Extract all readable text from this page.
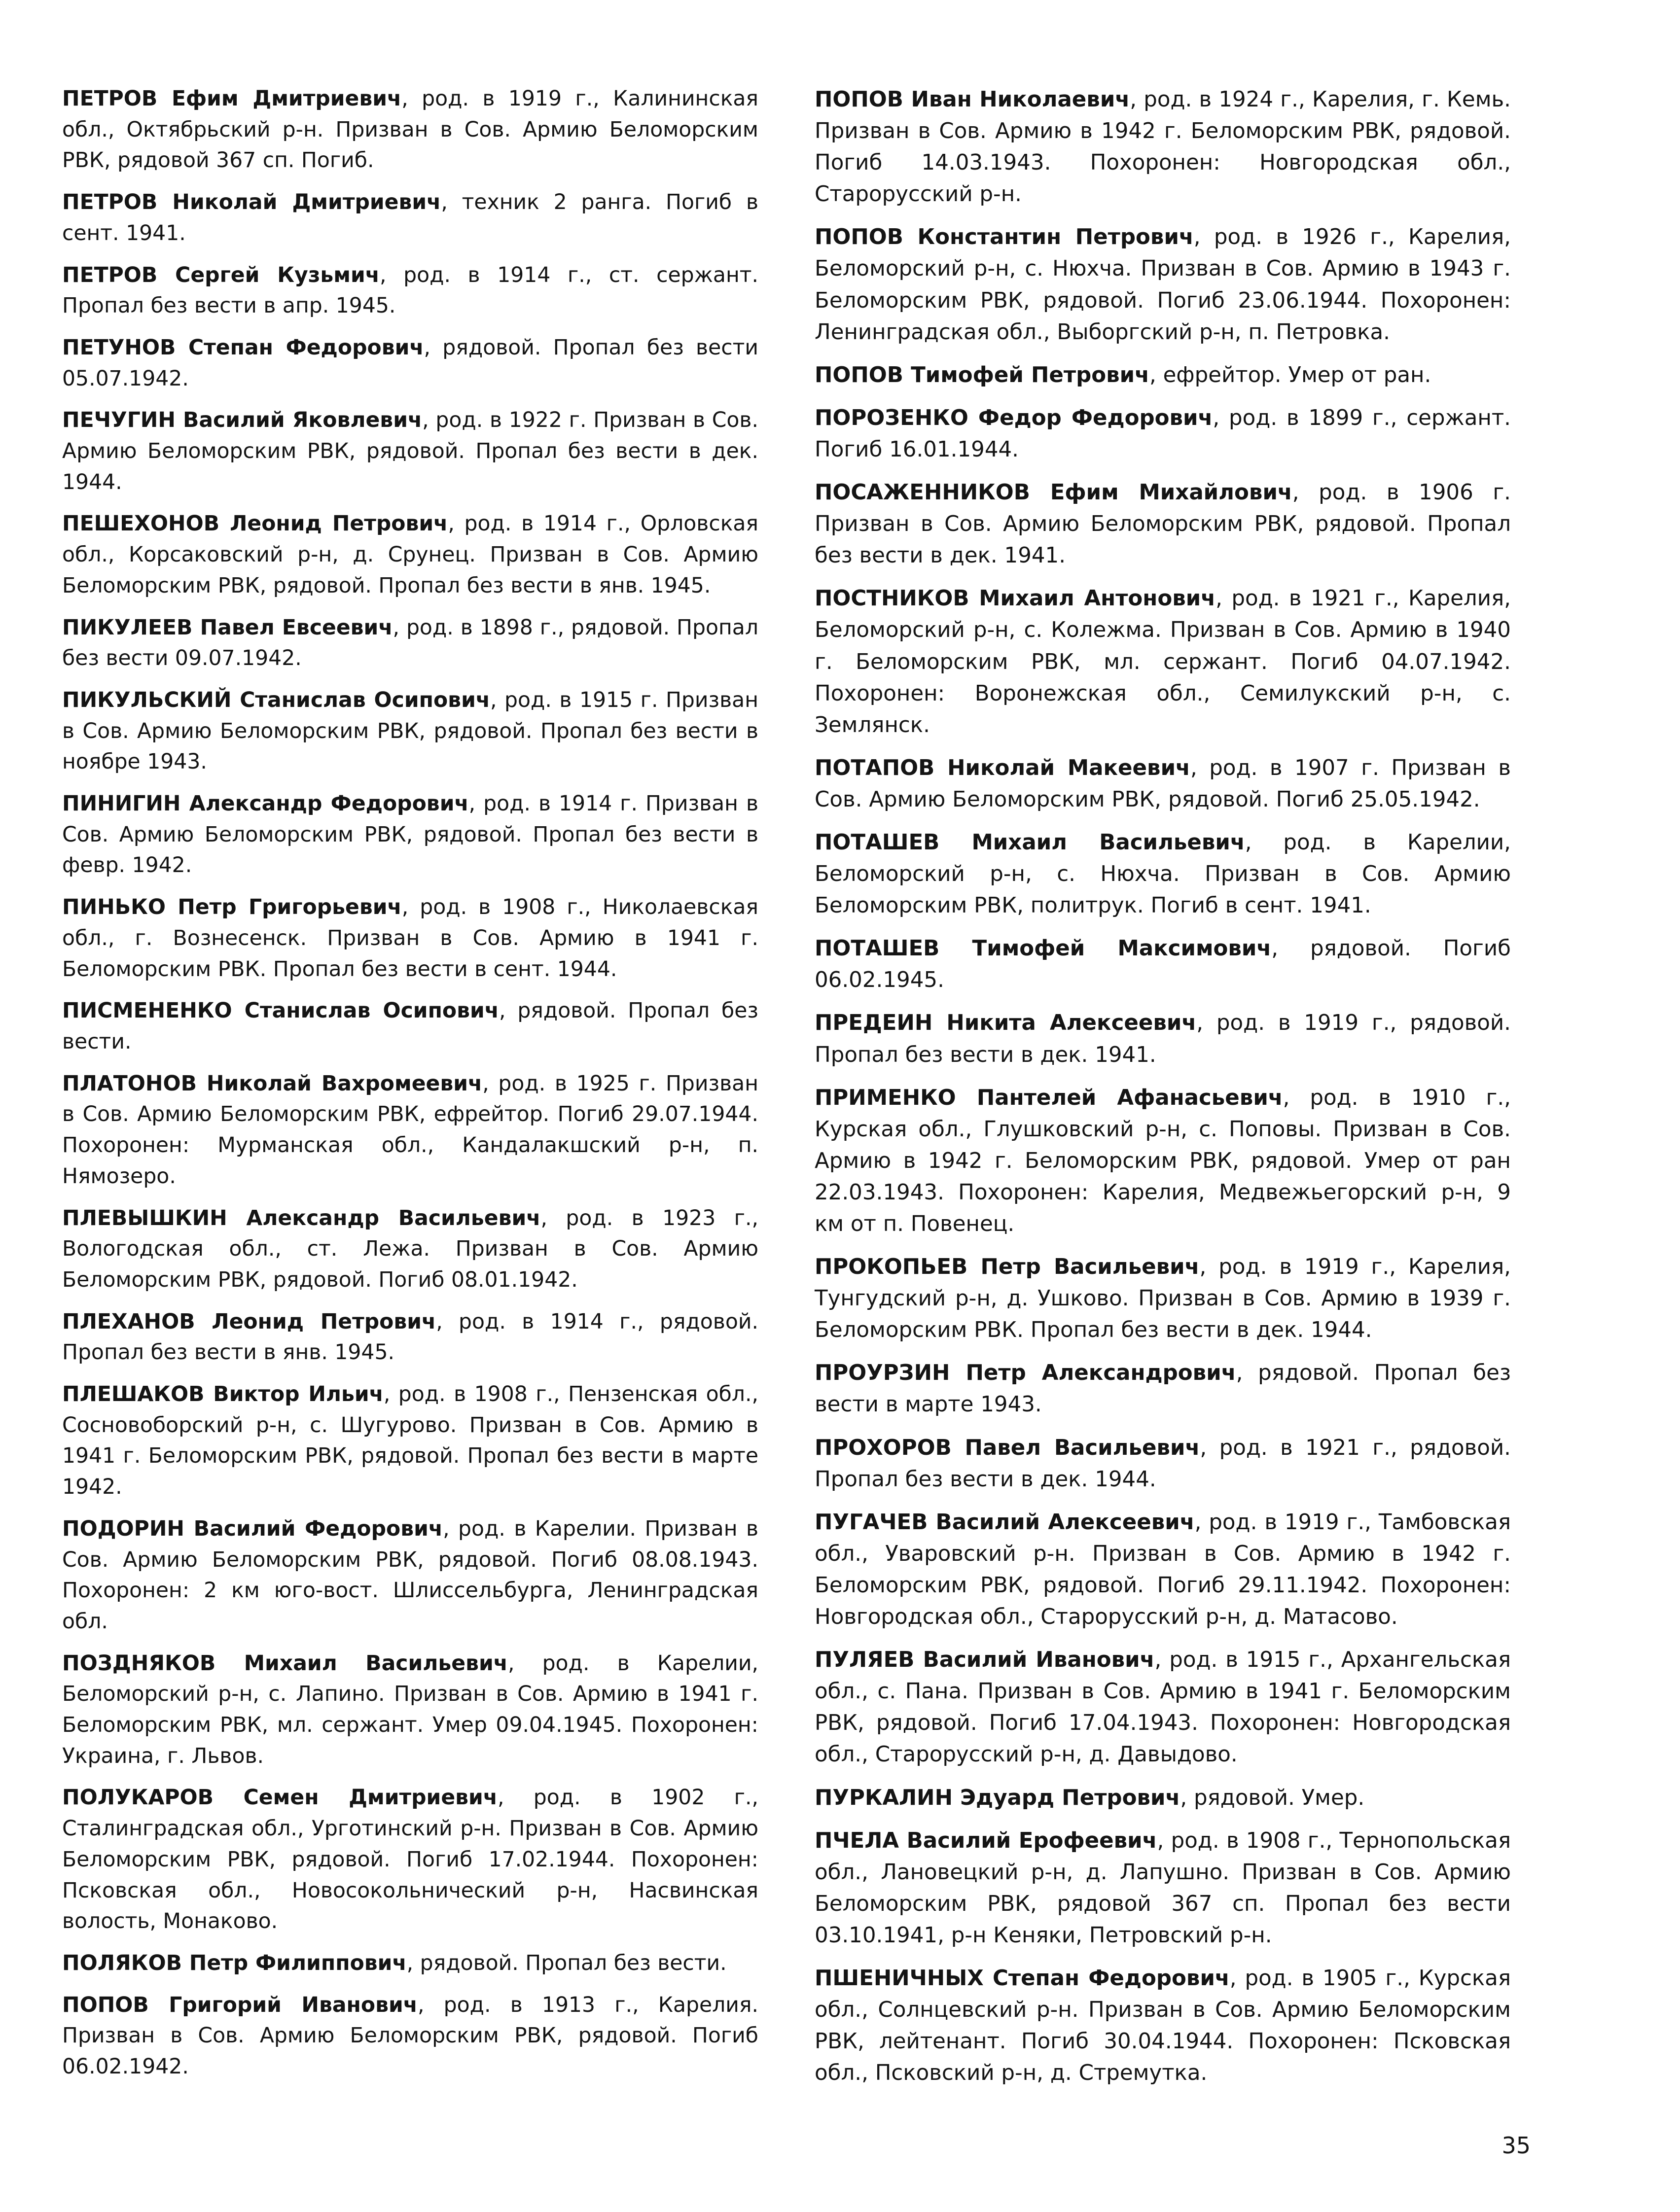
ПЕТРОВ Ефим Дмитриевич, род. в 1919 г., Калининская обл., Октябрьский р-н. Призван в Сов. Армию Беломорским РВК, рядовой 367 сп. Погиб.

ПЕТРОВ Николай Дмитриевич, техник 2 ранга. Погиб в сент. 1941.

ПЕТРОВ Сергей Кузьмич, род. в 1914 г., ст. сержант. Пропал без вести в апр. 1945.

ПЕТУНОВ Степан Федорович, рядовой. Пропал без вести 05.07.1942.

ПЕЧУГИН Василий Яковлевич, род. в 1922 г. Призван в Сов. Армию Беломорским РВК, рядовой. Пропал без вести в дек. 1944.

ПЕШЕХОНОВ Леонид Петрович, род. в 1914 г., Орловская обл., Корсаковский р-н, д. Срунец. Призван в Сов. Армию Беломорским РВК, рядовой. Пропал без вести в янв. 1945.

ПИКУЛЕЕВ Павел Евсеевич, род. в 1898 г., рядовой. Пропал без вести 09.07.1942.

ПИКУЛЬСКИЙ Станислав Осипович, род. в 1915 г. Призван в Сов. Армию Беломорским РВК, рядовой. Пропал без вести в ноябре 1943.

ПИНИГИН Александр Федорович, род. в 1914 г. Призван в Сов. Армию Беломорским РВК, рядовой. Пропал без вести в февр. 1942.

ПИНЬКО Петр Григорьевич, род. в 1908 г., Николаевская обл., г. Вознесенск. Призван в Сов. Армию в 1941 г. Беломорским РВК. Пропал без вести в сент. 1944.

ПИСМЕНЕНКО Станислав Осипович, рядовой. Пропал без вести.

ПЛАТОНОВ Николай Вахромеевич, род. в 1925 г. Призван в Сов. Армию Беломорским РВК, ефрейтор. Погиб 29.07.1944. Похоронен: Мурманская обл., Кандалакшский р-н, п. Нямозеро.

ПЛЕВЫШКИН Александр Васильевич, род. в 1923 г., Вологодская обл., ст. Лежа. Призван в Сов. Армию Беломорским РВК, рядовой. Погиб 08.01.1942.

ПЛЕХАНОВ Леонид Петрович, род. в 1914 г., рядовой. Пропал без вести в янв. 1945.

ПЛЕШАКОВ Виктор Ильич, род. в 1908 г., Пензенская обл., Сосновоборский р-н, с. Шугурово. Призван в Сов. Армию в 1941 г. Беломорским РВК, рядовой. Пропал без вести в марте 1942.

ПОДОРИН Василий Федорович, род. в Карелии. Призван в Сов. Армию Беломорским РВК, рядовой. Погиб 08.08.1943. Похоронен: 2 км юго-вост. Шлиссельбурга, Ленинградская обл.

ПОЗДНЯКОВ Михаил Васильевич, род. в Карелии, Беломорский р-н, с. Лапино. Призван в Сов. Армию в 1941 г. Беломорским РВК, мл. сержант. Умер 09.04.1945. Похоронен: Украина, г. Львов.

ПОЛУКАРОВ Семен Дмитриевич, род. в 1902 г., Сталинградская обл., Урготинский р-н. Призван в Сов. Армию Беломорским РВК, рядовой. Погиб 17.02.1944. Похоронен: Псковская обл., Новосокольнический р-н, Насвинская волость, Монаково.

ПОЛЯКОВ Петр Филиппович, рядовой. Пропал без вести.

ПОПОВ Григорий Иванович, род. в 1913 г., Карелия. Призван в Сов. Армию Беломорским РВК, рядовой. Погиб 06.02.1942.

ПОПОВ Иван Николаевич, род. в 1924 г., Карелия, г. Кемь. Призван в Сов. Армию в 1942 г. Беломорским РВК, рядовой. Погиб 14.03.1943. Похоронен: Новгородская обл., Старорусский р-н.

ПОПОВ Константин Петрович, род. в 1926 г., Карелия, Беломорский р-н, с. Нюхча. Призван в Сов. Армию в 1943 г. Беломорским РВК, рядовой. Погиб 23.06.1944. Похоронен: Ленинградская обл., Выборгский р-н, п. Петровка.

ПОПОВ Тимофей Петрович, ефрейтор. Умер от ран.

ПОРОЗЕНКО Федор Федорович, род. в 1899 г., сержант. Погиб 16.01.1944.

ПОСАЖЕННИКОВ Ефим Михайлович, род. в 1906 г. Призван в Сов. Армию Беломорским РВК, рядовой. Пропал без вести в дек. 1941.

ПОСТНИКОВ Михаил Антонович, род. в 1921 г., Карелия, Беломорский р-н, с. Колежма. Призван в Сов. Армию в 1940 г. Беломорским РВК, мл. сержант. Погиб 04.07.1942. Похоронен: Воронежская обл., Семилукский р-н, с. Землянск.

ПОТАПОВ Николай Макеевич, род. в 1907 г. Призван в Сов. Армию Беломорским РВК, рядовой. Погиб 25.05.1942.

ПОТАШЕВ Михаил Васильевич, род. в Карелии, Беломорский р-н, с. Нюхча. Призван в Сов. Армию Беломорским РВК, политрук. Погиб в сент. 1941.

ПОТАШЕВ Тимофей Максимович, рядовой. Погиб 06.02.1945.

ПРЕДЕИН Никита Алексеевич, род. в 1919 г., рядовой. Пропал без вести в дек. 1941.

ПРИМЕНКО Пантелей Афанасьевич, род. в 1910 г., Курская обл., Глушковский р-н, с. Поповы. Призван в Сов. Армию в 1942 г. Беломорским РВК, рядовой. Умер от ран 22.03.1943. Похоронен: Карелия, Медвежьегорский р-н, 9 км от п. Повенец.

ПРОКОПЬЕВ Петр Васильевич, род. в 1919 г., Карелия, Тунгудский р-н, д. Ушково. Призван в Сов. Армию в 1939 г. Беломорским РВК. Пропал без вести в дек. 1944.

ПРОУРЗИН Петр Александрович, рядовой. Пропал без вести в марте 1943.

ПРОХОРОВ Павел Васильевич, род. в 1921 г., рядовой. Пропал без вести в дек. 1944.

ПУГАЧЕВ Василий Алексеевич, род. в 1919 г., Тамбовская обл., Уваровский р-н. Призван в Сов. Армию в 1942 г. Беломорским РВК, рядовой. Погиб 29.11.1942. Похоронен: Новгородская обл., Старорусский р-н, д. Матасово.

ПУЛЯЕВ Василий Иванович, род. в 1915 г., Архангельская обл., с. Пана. Призван в Сов. Армию в 1941 г. Беломорским РВК, рядовой. Погиб 17.04.1943. Похоронен: Новгородская обл., Старорусский р-н, д. Давыдово.

ПУРКАЛИН Эдуард Петрович, рядовой. Умер.

ПЧЕЛА Василий Ерофеевич, род. в 1908 г., Тернопольская обл., Лановецкий р-н, д. Лапушно. Призван в Сов. Армию Беломорским РВК, рядовой 367 сп. Пропал без вести 03.10.1941, р-н Кеняки, Петровский р-н.

ПШЕНИЧНЫХ Степан Федорович, род. в 1905 г., Курская обл., Солнцевский р-н. Призван в Сов. Армию Беломорским РВК, лейтенант. Погиб 30.04.1944. Похоронен: Псковская обл., Псковский р-н, д. Стремутка.

35
